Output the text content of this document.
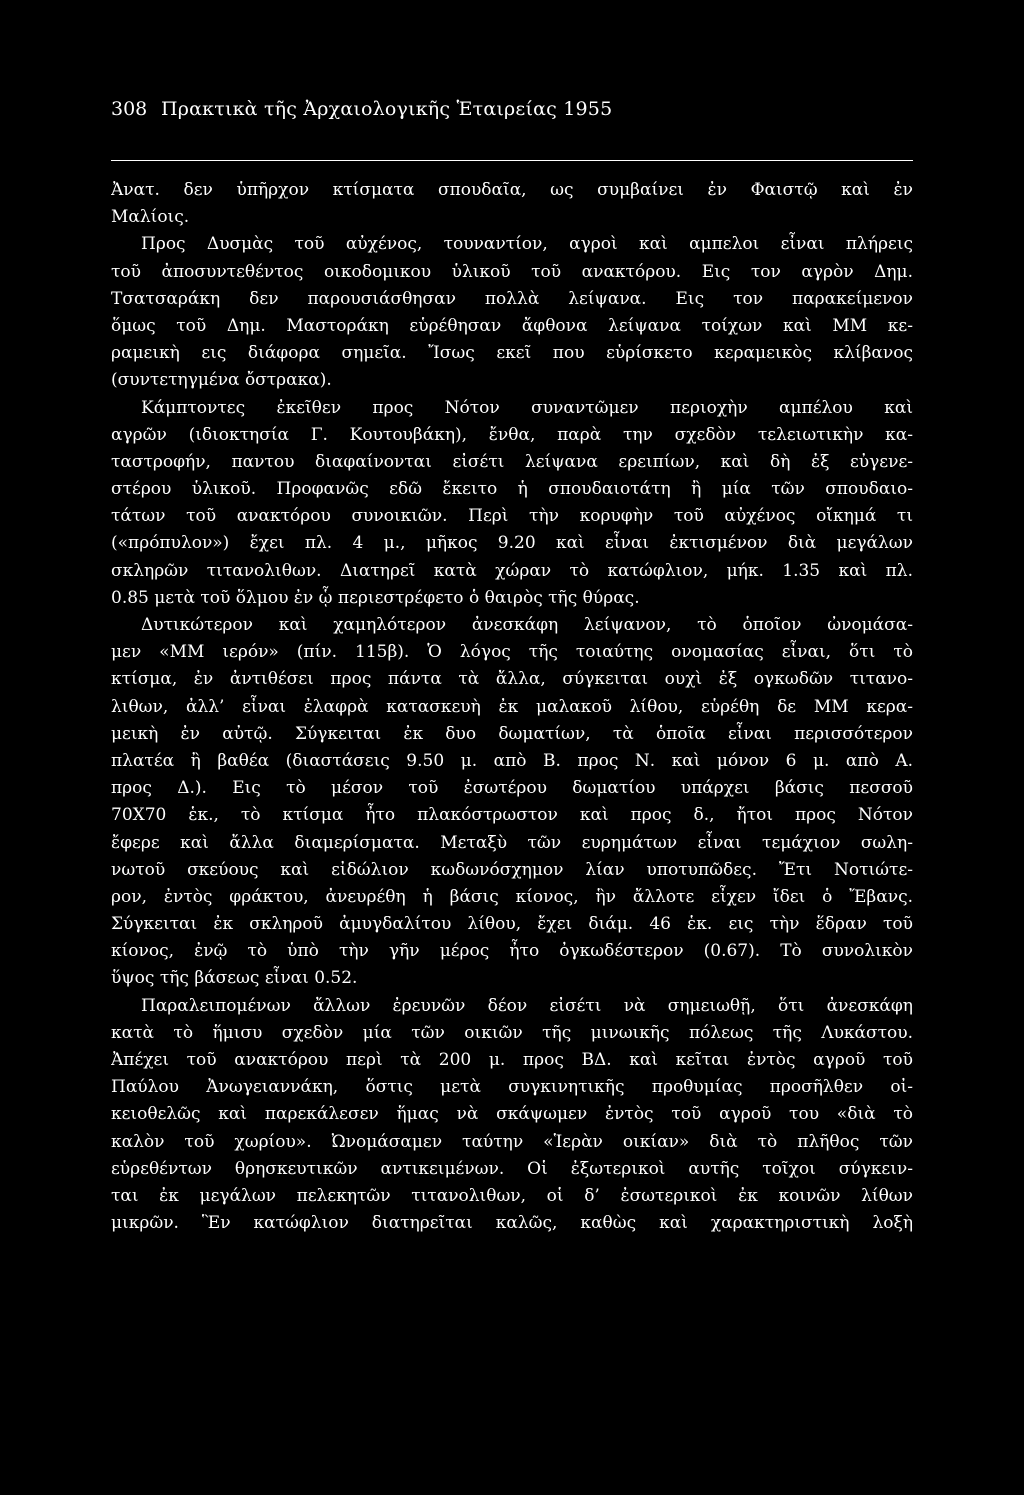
308 Πρακτικὰ τῆς Ἀρχαιολογικῆς Ἑταιρείας 1955
Ἀνατ. δεν ὑπῆρχον κτίσματα σπουδαῖα, ως συμβαίνει ἐν Φαιστῷ καὶ ἐν
Μαλίοις.
Προς Δυσμὰς τοῦ αὐχένος, τουναντίον, αγροὶ καὶ αμπελοι εἶναι πλήρεις
τοῦ ἀποσυντεθέντος οικοδομικου ὑλικοῦ τοῦ ανακτόρου. Εις τον αγρὸν Δημ.
Τσατσαράκη δεν παρουσιάσθησαν πολλὰ λείψανα. Εις τον παρακείμενον
ὅμως τοῦ Δημ. Μαστοράκη εὑρέθησαν ἄφθονα λείψανα τοίχων καὶ ΜΜ κε-
ραμεικὴ εις διάφορα σημεῖα. Ἴσως εκεῖ που εὑρίσκετο κεραμεικὸς κλίβανος
(συντετηγμένα ὄστρακα).
Κάμπτοντες ἐκεῖθεν προς Νότον συναντῶμεν περιοχὴν αμπέλου καὶ
αγρῶν (ιδιοκτησία Γ. Κουτουβάκη), ἔνθα, παρὰ την σχεδὸν τελειωτικὴν κα-
ταστροφήν, παντου διαφαίνονται εἰσέτι λείψανα ερειπίων, καὶ δὴ ἐξ εὐγενε-
στέρου ὑλικοῦ. Προφανῶς εδῶ ἔκειτο ἡ σπουδαιοτάτη ἢ μία τῶν σπουδαιο-
τάτων τοῦ ανακτόρου συνοικιῶν. Περὶ τὴν κορυφὴν τοῦ αὐχένος οἴκημά τι
(«πρόπυλον») ἔχει πλ. 4 μ., μῆκος 9.20 καὶ εἶναι ἐκτισμένον διὰ μεγάλων
σκληρῶν τιτανολιθων. Διατηρεῖ κατὰ χώραν τὸ κατώφλιον, μήκ. 1.35 καὶ πλ.
0.85 μετὰ τοῦ ὅλμου ἐν ᾧ περιεστρέφετο ὁ θαιρὸς τῆς θύρας.
Δυτικώτερον καὶ χαμηλότερον ἀνεσκάφη λείψανον, τὸ ὁποῖον ὠνομάσα-
μεν «ΜΜ ιερόν» (πίν. 115β). Ὁ λόγος τῆς τοιαύτης ονομασίας εἶναι, ὅτι τὸ
κτίσμα, ἐν ἀντιθέσει προς πάντα τὰ ἄλλα, σύγκειται ουχὶ ἐξ ογκωδῶν τιτανο-
λιθων, ἀλλ’ εἶναι ἐλαφρὰ κατασκευὴ ἐκ μαλακοῦ λίθου, εὑρέθη δε ΜΜ κερα-
μεικὴ ἐν αὐτῷ. Σύγκειται ἐκ δυο δωματίων, τὰ ὁποῖα εἶναι περισσότερον
πλατέα ἢ βαθέα (διαστάσεις 9.50 μ. απὸ Β. προς Ν. καὶ μόνον 6 μ. απὸ Α.
προς Δ.). Εις τὸ μέσον τοῦ ἐσωτέρου δωματίου υπάρχει βάσις πεσσοῦ
70Χ70 ἑκ., τὸ κτίσμα ἦτο πλακόστρωστον καὶ προς δ., ἤτοι προς Νότον
ἔφερε καὶ ἄλλα διαμερίσματα. Μεταξὺ τῶν ευρημάτων εἶναι τεμάχιον σωλη-
νωτοῦ σκεύους καὶ εἰδώλιον κωδωνόσχημον λίαν υποτυπῶδες. Ἔτι Νοτιώτε-
ρον, ἐντὸς φράκτου, ἀνευρέθη ἡ βάσις κίονος, ἣν ἄλλοτε εἶχεν ἴδει ὁ Ἔβανς.
Σύγκειται ἐκ σκληροῦ ἀμυγδαλίτου λίθου, ἔχει διάμ. 46 ἑκ. εις τὴν ἕδραν τοῦ
κίονος, ἐνῷ τὸ ὑπὸ τὴν γῆν μέρος ἦτο ὀγκωδέστερον (0.67). Τὸ συνολικὸν
ὕψος τῆς βάσεως εἶναι 0.52.
Παραλειπομένων ἄλλων ἐρευνῶν δέον εἰσέτι νὰ σημειωθῇ, ὅτι ἀνεσκάφη
κατὰ τὸ ἥμισυ σχεδὸν μία τῶν οικιῶν τῆς μινωικῆς πόλεως τῆς Λυκάστου.
Ἀπέχει τοῦ ανακτόρου περὶ τὰ 200 μ. προς ΒΔ. καὶ κεῖται ἐντὸς αγροῦ τοῦ
Παύλου Ἀνωγειαννάκη, ὅστις μετὰ συγκινητικῆς προθυμίας προσῆλθεν οἰ-
κειοθελῶς καὶ παρεκάλεσεν ἥμας νὰ σκάψωμεν ἐντὸς τοῦ αγροῦ του «διὰ τὸ
καλὸν τοῦ χωρίου». Ὠνομάσαμεν ταύτην «Ἱερὰν οικίαν» διὰ τὸ πλῆθος τῶν
εὑρεθέντων θρησκευτικῶν αντικειμένων. Οἱ ἐξωτερικοὶ αυτῆς τοῖχοι σύγκειν-
ται ἐκ μεγάλων πελεκητῶν τιτανολιθων, οἱ δ’ ἐσωτερικοὶ ἐκ κοινῶν λίθων
μικρῶν. Ἓν κατώφλιον διατηρεῖται καλῶς, καθὼς καὶ χαρακτηριστικὴ λοξὴ
